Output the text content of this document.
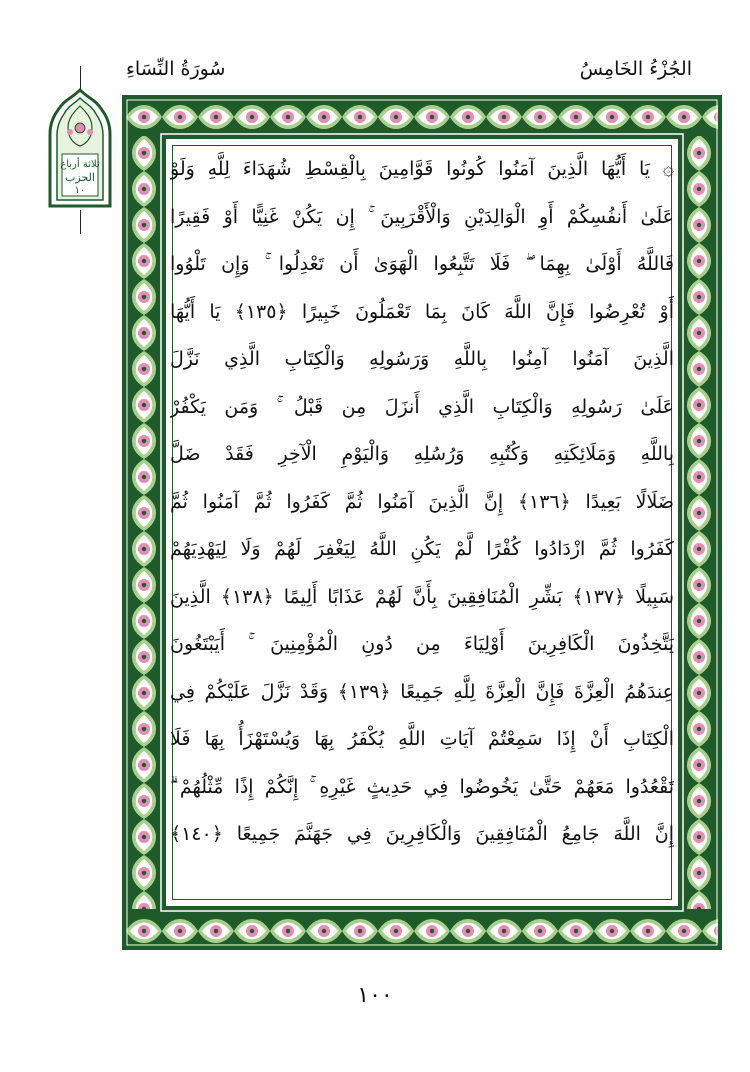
الجُزْءُ الخَامِسُ
سُورَةُ النِّسَاءِ
ثلاثة أرباع
الحزب
١٠
۞ يَا أَيُّهَا الَّذِينَ آمَنُوا كُونُوا قَوَّامِينَ بِالْقِسْطِ شُهَدَاءَ لِلَّهِ وَلَوْ
عَلَىٰ أَنفُسِكُمْ أَوِ الْوَالِدَيْنِ وَالْأَقْرَبِينَ ۚ إِن يَكُنْ غَنِيًّا أَوْ فَقِيرًا
فَاللَّهُ أَوْلَىٰ بِهِمَا ۖ فَلَا تَتَّبِعُوا الْهَوَىٰ أَن تَعْدِلُوا ۚ وَإِن تَلْوُوا
أَوْ تُعْرِضُوا فَإِنَّ اللَّهَ كَانَ بِمَا تَعْمَلُونَ خَبِيرًا ﴿١٣٥﴾ يَا أَيُّهَا
الَّذِينَ آمَنُوا آمِنُوا بِاللَّهِ وَرَسُولِهِ وَالْكِتَابِ الَّذِي نَزَّلَ
عَلَىٰ رَسُولِهِ وَالْكِتَابِ الَّذِي أَنزَلَ مِن قَبْلُ ۚ وَمَن يَكْفُرْ
بِاللَّهِ وَمَلَائِكَتِهِ وَكُتُبِهِ وَرُسُلِهِ وَالْيَوْمِ الْآخِرِ فَقَدْ ضَلَّ
ضَلَالًا بَعِيدًا ﴿١٣٦﴾ إِنَّ الَّذِينَ آمَنُوا ثُمَّ كَفَرُوا ثُمَّ آمَنُوا ثُمَّ
كَفَرُوا ثُمَّ ازْدَادُوا كُفْرًا لَّمْ يَكُنِ اللَّهُ لِيَغْفِرَ لَهُمْ وَلَا لِيَهْدِيَهُمْ
سَبِيلًا ﴿١٣٧﴾ بَشِّرِ الْمُنَافِقِينَ بِأَنَّ لَهُمْ عَذَابًا أَلِيمًا ﴿١٣٨﴾ الَّذِينَ
يَتَّخِذُونَ الْكَافِرِينَ أَوْلِيَاءَ مِن دُونِ الْمُؤْمِنِينَ ۚ أَيَبْتَغُونَ
عِندَهُمُ الْعِزَّةَ فَإِنَّ الْعِزَّةَ لِلَّهِ جَمِيعًا ﴿١٣٩﴾ وَقَدْ نَزَّلَ عَلَيْكُمْ فِي
الْكِتَابِ أَنْ إِذَا سَمِعْتُمْ آيَاتِ اللَّهِ يُكْفَرُ بِهَا وَيُسْتَهْزَأُ بِهَا فَلَا
تَقْعُدُوا مَعَهُمْ حَتَّىٰ يَخُوضُوا فِي حَدِيثٍ غَيْرِهِ ۚ إِنَّكُمْ إِذًا مِّثْلُهُمْ ۗ
إِنَّ اللَّهَ جَامِعُ الْمُنَافِقِينَ وَالْكَافِرِينَ فِي جَهَنَّمَ جَمِيعًا ﴿١٤٠﴾
١٠٠
